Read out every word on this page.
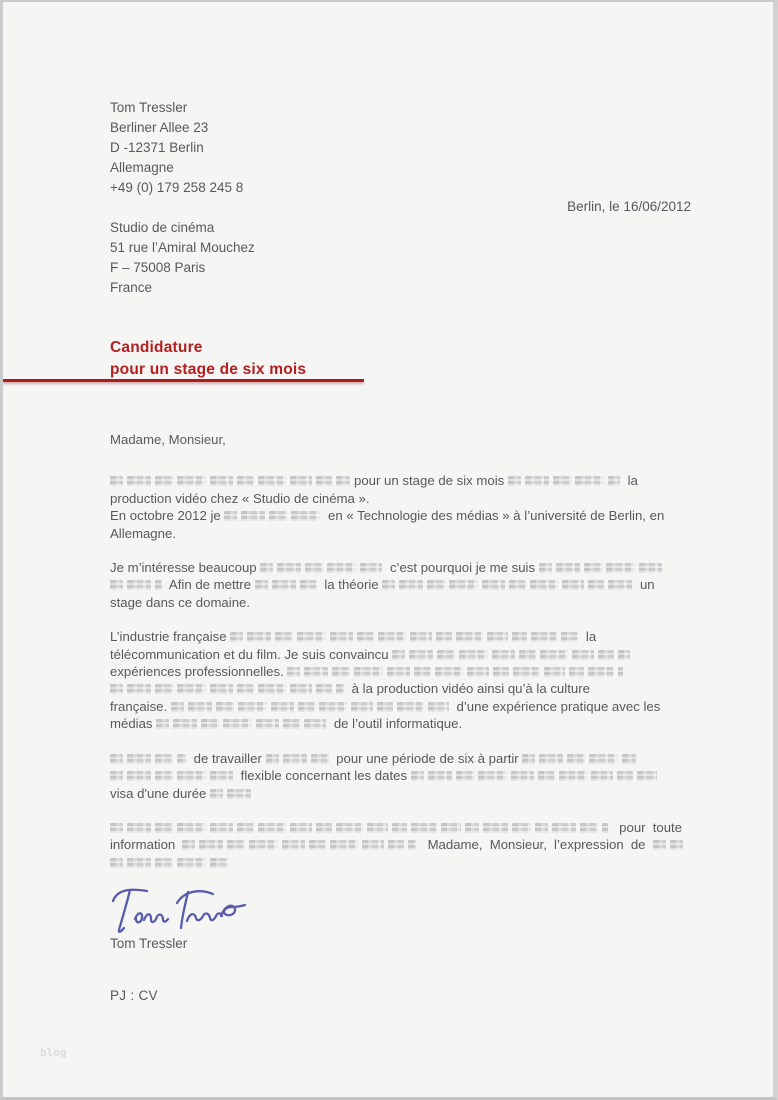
Tom Tressler
Berliner Allee 23
D -12371 Berlin
Allemagne
+49 (0) 179 258 245 8
Berlin, le 16/06/2012
Studio de cinéma
51 rue l’Amiral Mouchez
F – 75008 Paris
France
Candidature
pour un stage de six mois
Madame, Monsieur,
pour un stage de six mois	la
production vidéo chez « Studio de cinéma ».
En octobre 2012 je	en « Technologie des médias » à l’université de Berlin, en
Allemagne.
Je m’intéresse beaucoup	c’est pourquoi je me suis
Afin de mettre	la théorie	un
stage dans ce domaine.
L’industrie française	la
télécommunication et du film. Je suis convaincu
expériences professionnelles.
à la production vidéo ainsi qu’à la culture
française.	d’une expérience pratique avec les
médias	de l’outil informatique.
de travailler	pour une période de six à partir
flexible concernant les dates
visa d'une durée
pour toute
information	Madame, Monsieur, l’expression de

Tom Tressler
PJ : CV
blog
